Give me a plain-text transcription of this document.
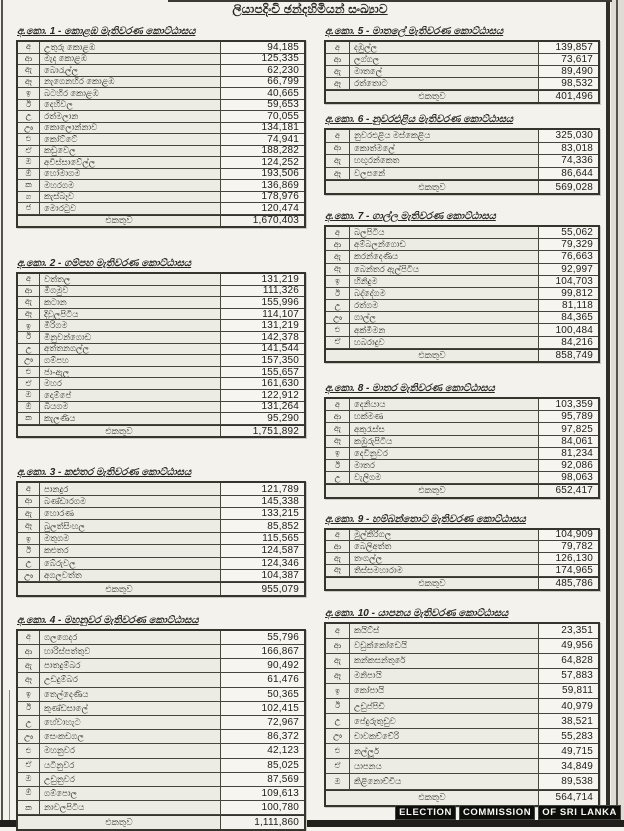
ලියාපදිංචි ඡන්දහිමියන් සංඛ්‍යාව
අ.කො. 1 - කොළඹ මැතිවරණ කොට්ඨාසය
අ	උතුරු කොළඹ	94,185
ආ	මැද කොළඹ	125,335
ඇ	බොරැල්ල	62,230
ඈ	නැගෙනහිර කොළඹ	66,799
ඉ	බටහිර කොළඹ	40,665
ඊ	දෙහිවල	59,653
උ	රත්මලාන	70,055
ඌ	කොලොන්නාව	134,181
එ	කෝට්ටේ	74,941
ඒ	කඩුවෙල	188,282
ඔ	අවිස්සාවේල්ල	124,252
ඕ	හෝමාගම	193,506
ක	මහරගම	136,869
ග	කැස්බෑව	178,976
ජ	මොරටුව	120,474
එකතුව	1,670,403
අ.කො. 2 - ගම්පහ මැතිවරණ කොට්ඨාසය
අ	වත්තල	131,219
ආ	මීගමුව	111,326
ඇ	කටාන	155,996
ඈ	දිවුලපිටිය	114,107
ඉ	මීරිගම	131,219
ඊ	මිනුවන්ගොඩ	142,378
උ	අත්තනගල්ල	141,544
ඌ	ගම්පහ	157,350
එ	ජා-ඇල	155,657
ඒ	මහර	161,630
ඔ	දොම්පේ	122,912
ඕ	බියගම	131,264
ක	කැලණිය	95,290
එකතුව	1,751,892
අ.කො. 3 - කළුතර මැතිවරණ කොට්ඨාසය
අ	පානදුර	121,789
ආ	බණ්ඩාරගම	145,338
ඇ	හොරණ	133,215
ඈ	බුලත්සිංහල	85,852
ඉ	මතුගම	115,565
ඊ	කළුතර	124,587
උ	බේරුවල	124,346
ඌ	අගලවත්ත	104,387
එකතුව	955,079
අ.කො. 4 - මහනුවර මැතිවරණ කොට්ඨාසය
අ	ගලගෙදර	55,796
ආ	හාරිස්පත්තුව	166,867
ඇ	පාතදුම්බර	90,492
ඈ	උඩදුම්බර	61,476
ඉ	තෙල්දෙණිය	50,365
ඊ	කුණ්ඩසාලේ	102,415
උ	හේවාහැට	72,967
ඌ	සෙංකඩගල	86,372
එ	මහනුවර	42,123
ඒ	යටිනුවර	85,025
ඔ	උඩුනුවර	87,569
ඕ	ගම්පොල	109,613
ක	නාවලපිටිය	100,780
එකතුව	1,111,860
අ.කො. 5 - මාතලේ මැතිවරණ කොට්ඨාසය
අ	දඹුල්ල	139,857
ආ	ලග්ගල	73,617
ඇ	මාතලේ	89,490
ඈ	රත්තොට	98,532
එකතුව	401,496
අ.කො. 6 - නුවරඑළිය මැතිවරණ කොට්ඨාසය
අ	නුවරඑළිය මස්කෙළිය	325,030
ආ	කොත්මලේ	83,018
ඇ	හඟුරන්කෙත	74,336
ඈ	වලපනේ	86,644
එකතුව	569,028
අ.කො. 7 - ගාල්ල මැතිවරණ කොට්ඨාසය
අ	බලපිටිය	55,062
ආ	අම්බලන්ගොඩ	79,329
ඇ	කරන්දෙණිය	76,663
ඈ	බෙන්තර ඇල්පිටිය	92,997
ඉ	හිනිදුම	104,703
ඊ	බද්දේගම	99,812
උ	රත්ගම	81,118
ඌ	ගාල්ල	84,365
එ	අක්මීමන	100,484
ඒ	හබරාදුව	84,216
එකතුව	858,749
අ.කො. 8 - මාතර මැතිවරණ කොට්ඨාසය
අ	දෙනියාය	103,359
ආ	හක්මණ	95,789
ඇ	අකුරැස්ස	97,825
ඈ	කඹුරුපිටිය	84,061
ඉ	දෙවිනුවර	81,234
ඊ	මාතර	92,086
උ	වැලිගම	98,063
එකතුව	652,417
අ.කො. 9 - හම්බන්තොට මැතිවරණ කොට්ඨාසය
අ	මුල්කිරිගල	104,909
ආ	බෙලිඅත්ත	79,782
ඇ	තංගල්ල	126,130
ඈ	තිස්සමහාරාම	174,965
එකතුව	485,786
අ.කො. 10 - යාපනය මැතිවරණ කොට්ඨාසය
අ	කයිට්ස්	23,351
ආ	වඩුක්කෝඩෙයි	49,956
ඇ	කන්කසන්තුරේ	64,828
ඈ	මනිපායි	57,883
ඉ	කෝපායි	59,811
ඊ	උඩුප්පිඩි	40,979
උ	පේදුරුතුඩුව	38,521
ඌ	චාවකච්චේරි	55,283
එ	නල්ලූර්	49,715
ඒ	යාපනය	34,849
ඔ	කිළිනොච්චිය	89,538
එකතුව	564,714
ELECTION	COMMISSION	OF SRI LANKA
